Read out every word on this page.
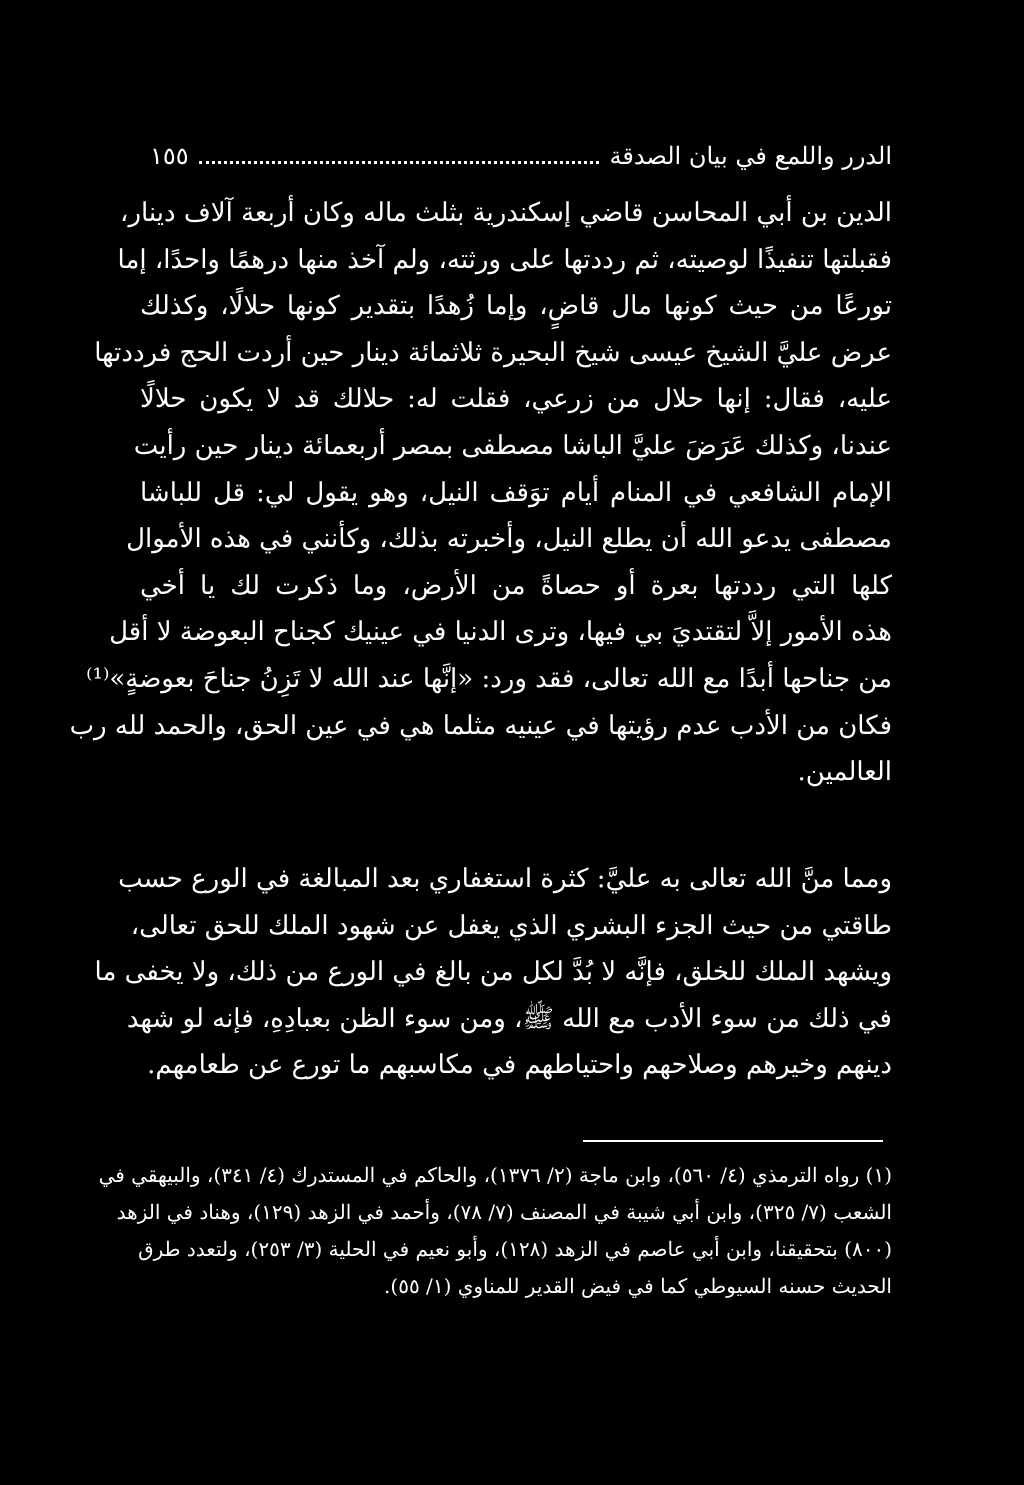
الدرر واللمع في بيان الصدقة
١٥٥
الدين بن أبي المحاسن قاضي إسكندرية بثلث ماله وكان أربعة آلاف دينار،
فقبلتها تنفيذًا لوصيته، ثم رددتها على ورثته، ولم آخذ منها درهمًا واحدًا، إما
تورعًا من حيث كونها مال قاضٍ، وإما زُهدًا بتقدير كونها حلالًا، وكذلك
عرض عليَّ الشيخ عيسى شيخ البحيرة ثلاثمائة دينار حين أردت الحج فرددتها
عليه، فقال: إنها حلال من زرعي، فقلت له: حلالك قد لا يكون حلالًا
عندنا، وكذلك عَرَضَ عليَّ الباشا مصطفى بمصر أربعمائة دينار حين رأيت
الإمام الشافعي في المنام أيام توَقف النيل، وهو يقول لي: قل للباشا
مصطفى يدعو الله أن يطلع النيل، وأخبرته بذلك، وكأنني في هذه الأموال
كلها التي رددتها بعرة أو حصاةً من الأرض، وما ذكرت لك يا أخي
هذه الأمور إلاَّ لتقتديَ بي فيها، وترى الدنيا في عينيك كجناح البعوضة لا أقل
من جناحها أبدًا مع الله تعالى، فقد ورد: «إنَّها عند الله لا تَزِنُ جناحَ بعوضةٍ»⁽¹⁾
فكان من الأدب عدم رؤيتها في عينيه مثلما هي في عين الحق، والحمد لله رب
العالمين.
ومما منَّ الله تعالى به عليَّ: كثرة استغفاري بعد المبالغة في الورع حسب
طاقتي من حيث الجزء البشري الذي يغفل عن شهود الملك للحق تعالى،
ويشهد الملك للخلق، فإنَّه لا بُدَّ لكل من بالغ في الورع من ذلك، ولا يخفى ما
في ذلك من سوء الأدب مع الله ﷺ، ومن سوء الظن بعبادِهِ، فإنه لو شهد
دينهم وخيرهم وصلاحهم واحتياطهم في مكاسبهم ما تورع عن طعامهم.
(١) رواه الترمذي (٤/ ٥٦٠)، وابن ماجة (٢/ ١٣٧٦)، والحاكم في المستدرك (٤/ ٣٤١)، والبيهقي في
الشعب (٧/ ٣٢٥)، وابن أبي شيبة في المصنف (٧/ ٧٨)، وأحمد في الزهد (١٢٩)، وهناد في الزهد
(٨٠٠) بتحقيقنا، وابن أبي عاصم في الزهد (١٢٨)، وأبو نعيم في الحلية (٣/ ٢٥٣)، ولتعدد طرق
الحديث حسنه السيوطي كما في فيض القدير للمناوي (١/ ٥٥).
